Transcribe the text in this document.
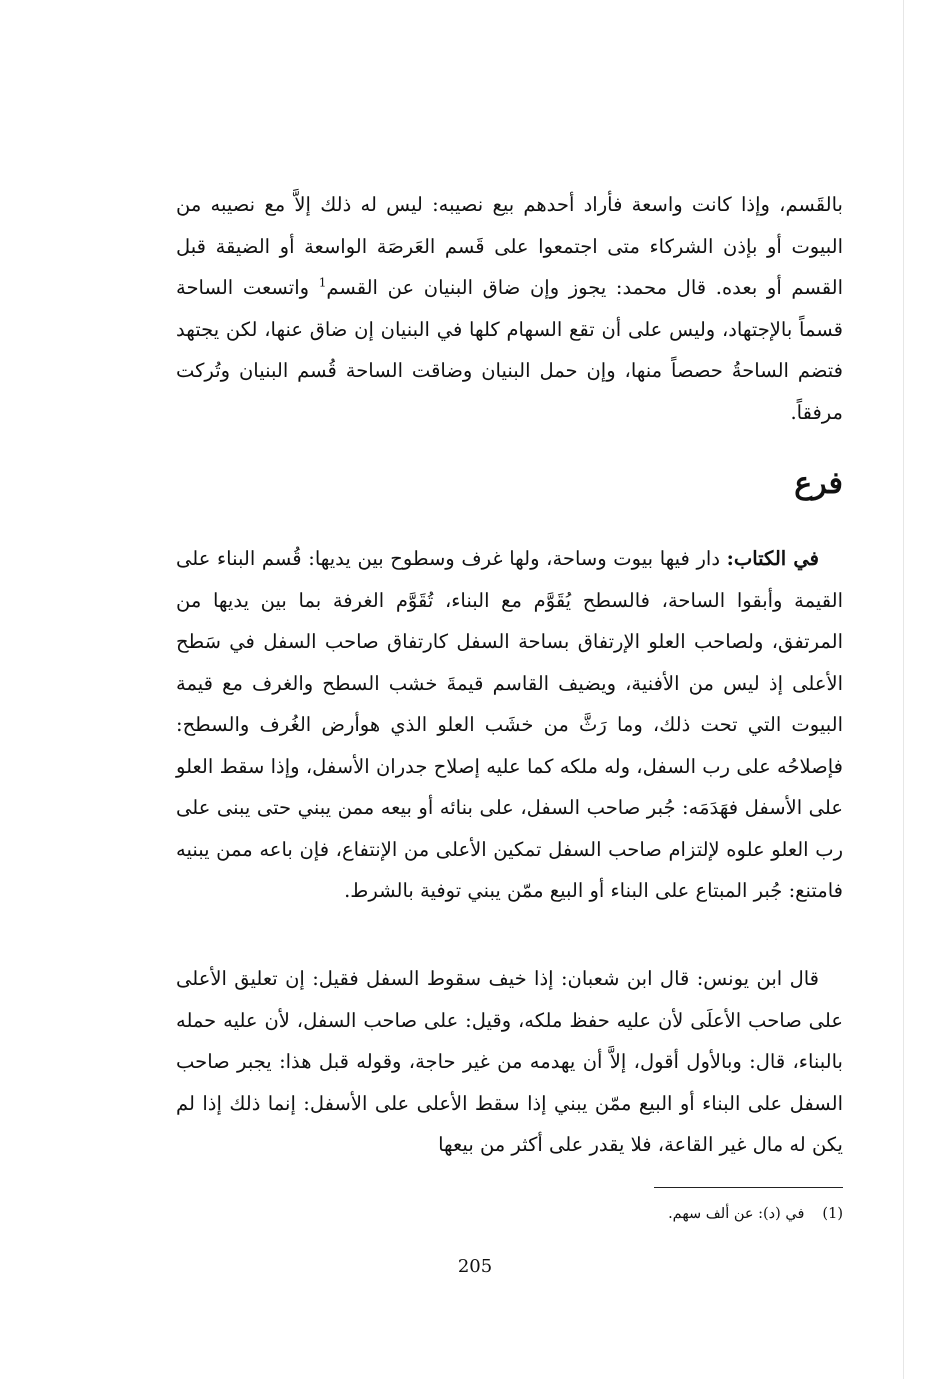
بالقَسم، وإذا كانت واسعة فأراد أحدهم بيع نصيبه: ليس له ذلك إلاَّ مع نصيبه من البيوت أو بإذن الشركاء متى اجتمعوا على قَسم العَرصَة الواسعة أو الضيقة قبل القسم أو بعده. قال محمد: يجوز وإن ضاق البنيان عن القسم$^1$ واتسعت الساحة قسماً بالإجتهاد، وليس على أن تقع السهام كلها في البنيان إن ضاق عنها، لكن يجتهد فتضم الساحةُ حصصاً منها، وإن حمل البنيان وضاقت الساحة قُسم البنيان وتُركت مرفقاً.

فرع

في الكتاب: دار فيها بيوت وساحة، ولها غرف وسطوح بين يديها: قُسم البناء على القيمة وأبقوا الساحة، فالسطح يُقَوَّم مع البناء، تُقَوَّم الغرفة بما بين يديها من المرتفق، ولصاحب العلو الإرتفاق بساحة السفل كارتفاق صاحب السفل في سَطح الأعلى إذ ليس من الأفنية، ويضيف القاسم قيمةَ خشب السطح والغرف مع قيمة البيوت التي تحت ذلك، وما رَثَّ من خشَب العلو الذي هوأرض الغُرف والسطح: فإصلاحُه على رب السفل، وله ملكه كما عليه إصلاح جدران الأسفل، وإذا سقط العلو على الأسفل فهَدَمَه: جُبر صاحب السفل، على بنائه أو بيعه ممن يبني حتى يبنى على رب العلو علوه لإلتزام صاحب السفل تمكين الأعلى من الإنتفاع، فإن باعه ممن يبنيه فامتنع: جُبر المبتاع على البناء أو البيع ممّن يبني توفية بالشرط.

قال ابن يونس: قال ابن شعبان: إذا خيف سقوط السفل فقيل: إن تعليق الأعلى على صاحب الأعلَى لأن عليه حفظ ملكه، وقيل: على صاحب السفل، لأن عليه حمله بالبناء، قال: وبالأول أقول، إلاَّ أن يهدمه من غير حاجة، وقوله قبل هذا: يجبر صاحب السفل على البناء أو البيع ممّن يبني إذا سقط الأعلى على الأسفل: إنما ذلك إذا لم يكن له مال غير القاعة، فلا يقدر على أكثر من بيعها

(1)في (د): عن ألف سهم.

205
